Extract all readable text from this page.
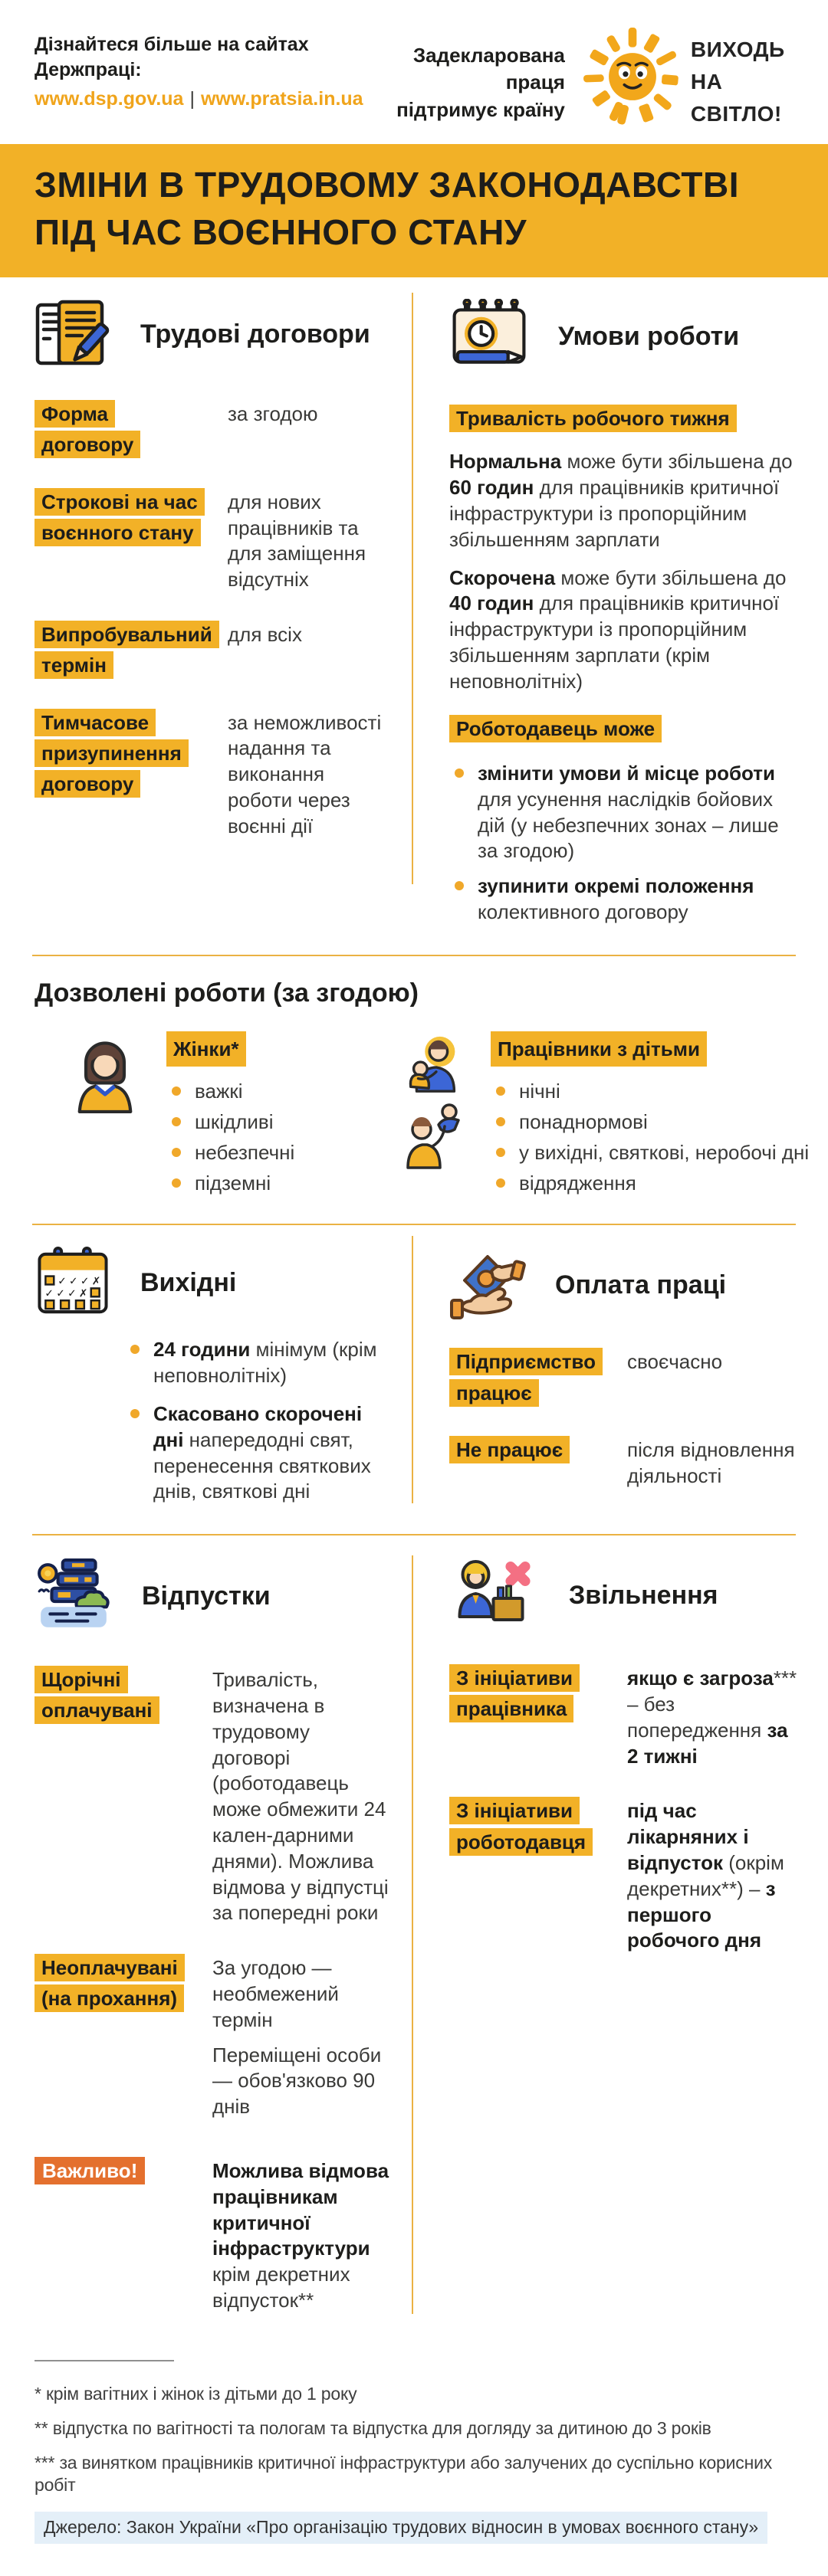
Дізнайтеся більше на сайтах Держпраці:
www.dsp.gov.ua | www.pratsia.in.ua
Задекларована праця
підтримує країну
ВИХОДЬ
НА СВІТЛО!
ЗМІНИ В ТРУДОВОМУ ЗАКОНОДАВСТВІ
ПІД ЧАС ВОЄННОГО СТАНУ
Трудові договори
Форма договору
за згодою
Строкові на час воєнного стану
для нових працівників та для заміщення відсутніх
Випробувальний термін
для всіх
Тимчасове призупинення договору
за неможливості надання та виконання роботи через воєнні дії
Умови роботи

Тривалість робочого тижня

Нормальна може бути збільшена до 60 годин для працівників критичної інфраструктури із пропорційним збільшенням зарплати

Скорочена може бути збільшена до 40 годин для працівників критичної інфраструктури із пропорційним збільшенням зарплати (крім неповнолітніх)

Роботодавець може

змінити умови й місце роботи для усунення наслідків бойових дій (у небезпечних зонах – лише за згодою)
зупинити окремі положення колективного договору
Дозволені роботи (за згодою)
Жінки*
важкі
шкідливі
небезпечні
підземні
Працівники з дітьми
нічні
понаднормові
у вихідні, святкові, неробочі дні
відрядження
✓ ✓ ✓ ✗
✓ ✓ ✓ ✗ Вихідні
24 години мінімум (крім неповнолітніх)
Скасовано скорочені дні напередодні свят, перенесення святкових днів, святкові дні
Оплата праці
Підприємство працює
своєчасно
Не працює	після відновлення діяльності
Відпустки
Щорічні оплачувані
Тривалість, визначена в трудовому договорі (роботодавець може обмежити 24 кален-дарними днями). Можлива відмова у відпустці за попередні роки
Неоплачувані (на прохання)

За угодою — необмежений термін

Переміщені особи — обов'язково 90 днів

Важливо!	Можлива відмова працівникам критичної інфраструктури
крім декретних відпусток**
Звільнення
З ініціативи працівника
якщо є загроза*** – без попередження за 2 тижні
З ініціативи роботодавця
під час лікарняних і відпусток (окрім декретних**) – з першого робочого дня
* крім вагітних і жінок із дітьми до 1 року
** відпустка по вагітності та пологам та відпустка для догляду за дитиною до 3 років
*** за винятком працівників критичної інфраструктури або залучених до суспільно корисних робіт
Джерело: Закон України «Про організацію трудових відносин в умовах воєнного стану»
